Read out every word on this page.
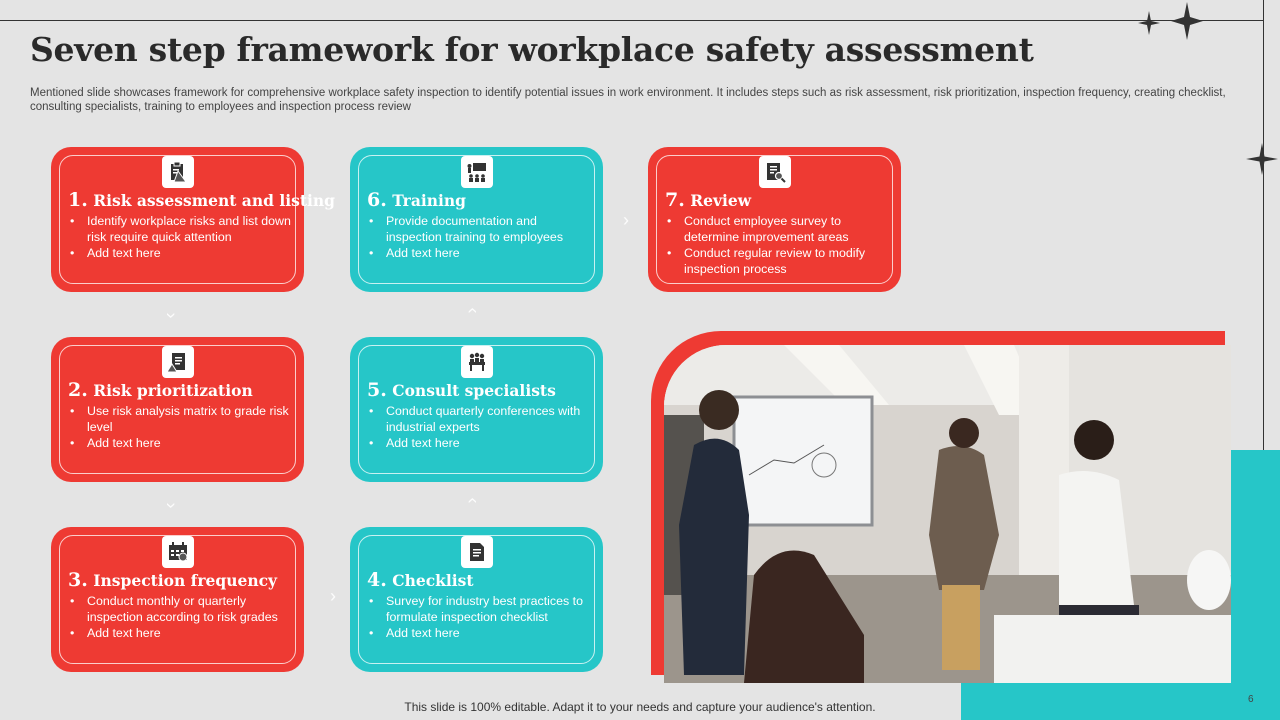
Seven step framework for workplace safety assessment
Mentioned slide showcases framework for comprehensive workplace safety inspection to identify potential issues in work environment. It includes steps such as risk assessment, risk prioritization, inspection frequency, creating checklist, consulting specialists, training to employees and inspection process review
1. Risk assessment and listing
• Identify workplace risks and list down risk require quick attention
• Add text here
2. Risk prioritization
• Use risk analysis matrix to grade risk level
• Add text here
3. Inspection frequency
• Conduct monthly or quarterly inspection according to risk grades
• Add text here
4. Checklist
• Survey for industry best practices to formulate inspection checklist
• Add text here
5. Consult specialists
• Conduct quarterly conferences with industrial experts
• Add text here
6. Training
• Provide documentation and inspection training to employees
• Add text here
7. Review
• Conduct employee survey to determine improvement areas
• Conduct regular review to modify inspection process
›
›
›
›
›
›
This slide is 100% editable. Adapt it to your needs and capture your audience's attention.
6
